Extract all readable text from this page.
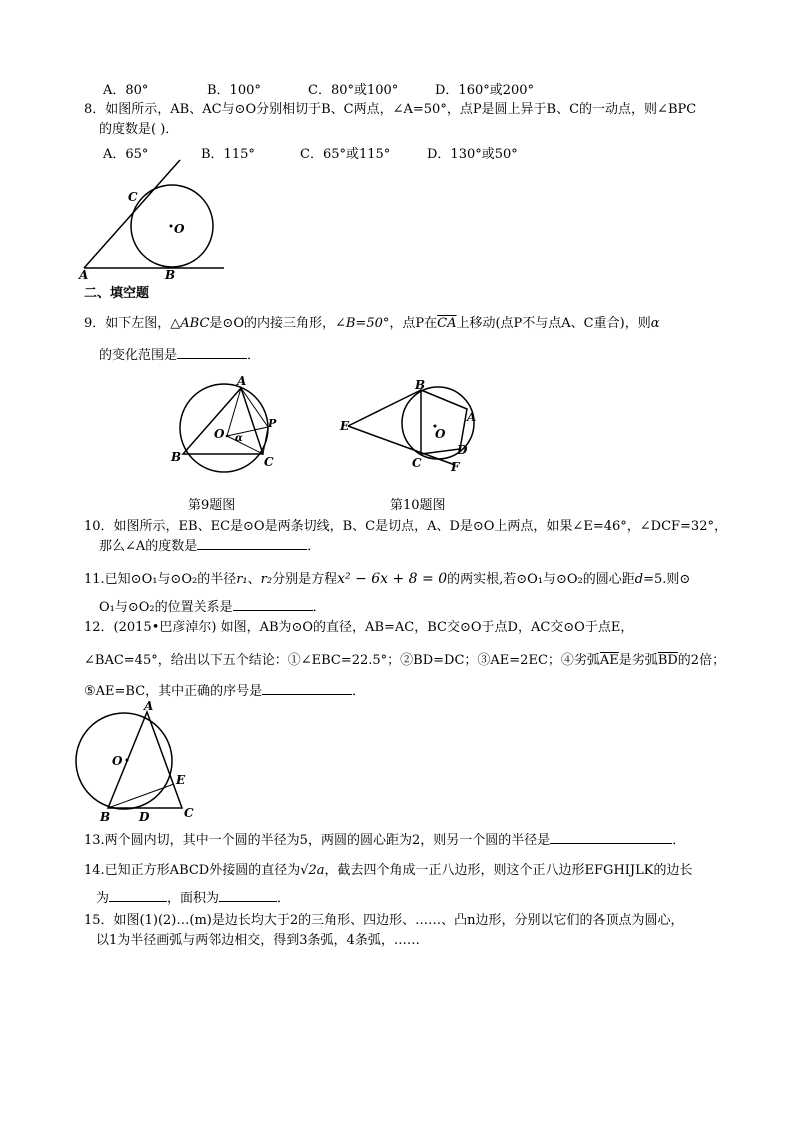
A．80°	B．100°	C．80°或100°	D．160°或200°
8．如图所示，AB、AC与⊙O分别相切于B、C两点，∠A=50°，点P是圆上异于B、C的一动点，则∠BPC
的度数是( )．
A．65°	B．115°	C．65°或115°	D．130°或50°
O
C
A	B
二、填空题
9．如下左图，△ABC是⊙O的内接三角形，∠B=50°，点P在$\overline{CA}$上移动(点P不与点A、C重合)，则α
的变化范围是	．
A
O
P
α
B	C
B
A
E
O
D
C F
第9题图	第10题图
10．如图所示，EB、EC是⊙O是两条切线，B、C是切点，A、D是⊙O上两点，如果∠E=46°，∠DCF=32°，
那么∠A的度数是	．
11.已知⊙O₁与⊙O₂的半径r₁、r₂分别是方程x² − 6x + 8 = 0的两实根,若⊙O₁与⊙O₂的圆心距d=5.则⊙
O₁与⊙O₂的位置关系是	．
12．(2015•巴彦淖尔) 如图，AB为⊙O的直径，AB=AC，BC交⊙O于点D，AC交⊙O于点E，
∠BAC=45°，给出以下五个结论：①∠EBC=22.5°；②BD=DC；③AE=2EC；④劣弧$\overline{AE}$是劣弧$\overline{BD}$的2倍；
⑤AE=BC，其中正确的序号是	．
A
O
E
B D	C
13.两个圆内切，其中一个圆的半径为5，两圆的圆心距为2，则另一个圆的半径是	．
14.已知正方形ABCD外接圆的直径为√2a，截去四个角成一正八边形，则这个正八边形EFGHIJLK的边长
为	，面积为	．
15．如图(1)(2)…(m)是边长均大于2的三角形、四边形、……、凸n边形，分别以它们的各顶点为圆心，
以1为半径画弧与两邻边相交，得到3条弧，4条弧，……
